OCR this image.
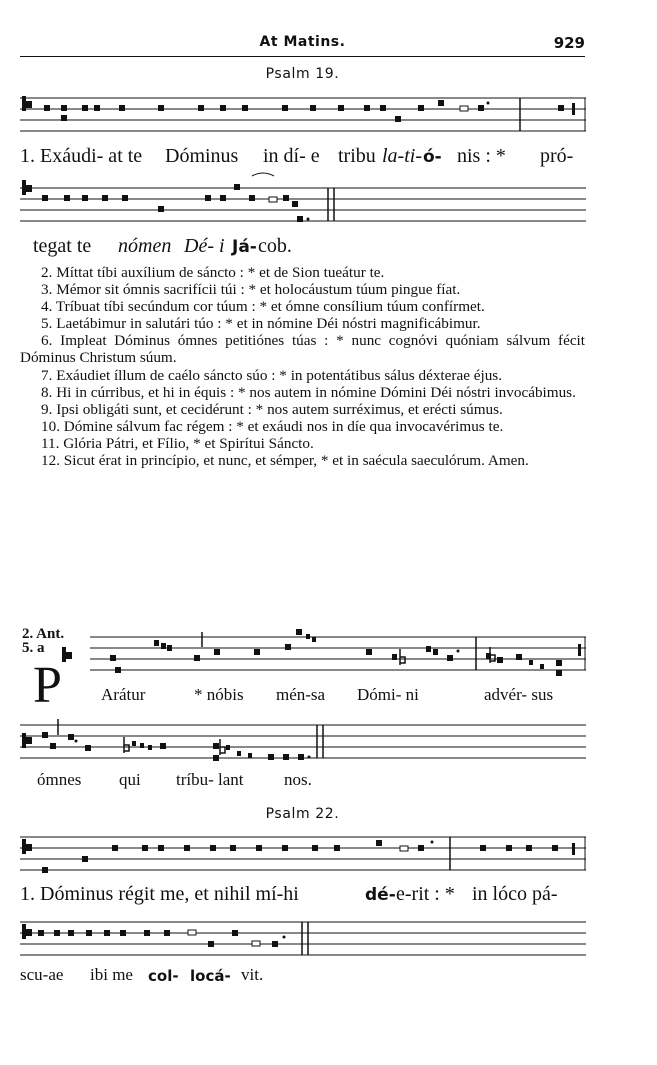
At Matins.	929
Psalm 19.
1. Exáudi- at te Dóminus in dí- e tribu la-ti- ó- nis : * pró-
tegat te nómen Dé- i Já- cob.

2. Míttat tíbi auxílium de sáncto : * et de Sion tueátur te.

3. Mémor sit ómnis sacrifícii túi : * et holocáustum túum pingue fíat.

4. Tríbuat tíbi secúndum cor túum : * et ómne consílium túum confírmet.

5. Laetábimur in salutári túo : * et in nómine Déi nóstri magnificábimur.

6. Impleat Dóminus ómnes petitiónes túas : * nunc cognóvi quóniam sálvum fécit Dóminus Christum súum.

7. Exáudiet íllum de caélo sáncto súo : * in potentátibus sálus déxterae éjus.

8. Hi in cúrribus, et hi in équis : * nos autem in nómine Dómini Déi nóstri invocábimus.

9. Ipsi obligáti sunt, et cecidérunt : * nos autem surréximus, et erécti súmus.

10. Dómine sálvum fac régem : * et exáudi nos in díe qua invocavérimus te.

11. Glória Pátri, et Fílio, * et Spirítui Sáncto.

12. Sicut érat in princípio, et nunc, et sémper, * et in saécula saeculórum. Amen.

2. Ant.
5. a
P Arátur	* nóbis mén-sa Dómi- ni	advér- sus
ómnes qui tríbu- lant nos.
Psalm 22.
1. Dóminus régit me, et nihil mí-hi	dé- e-rit : * in lóco pá-
scu-ae ibi me col- locá- vit.
